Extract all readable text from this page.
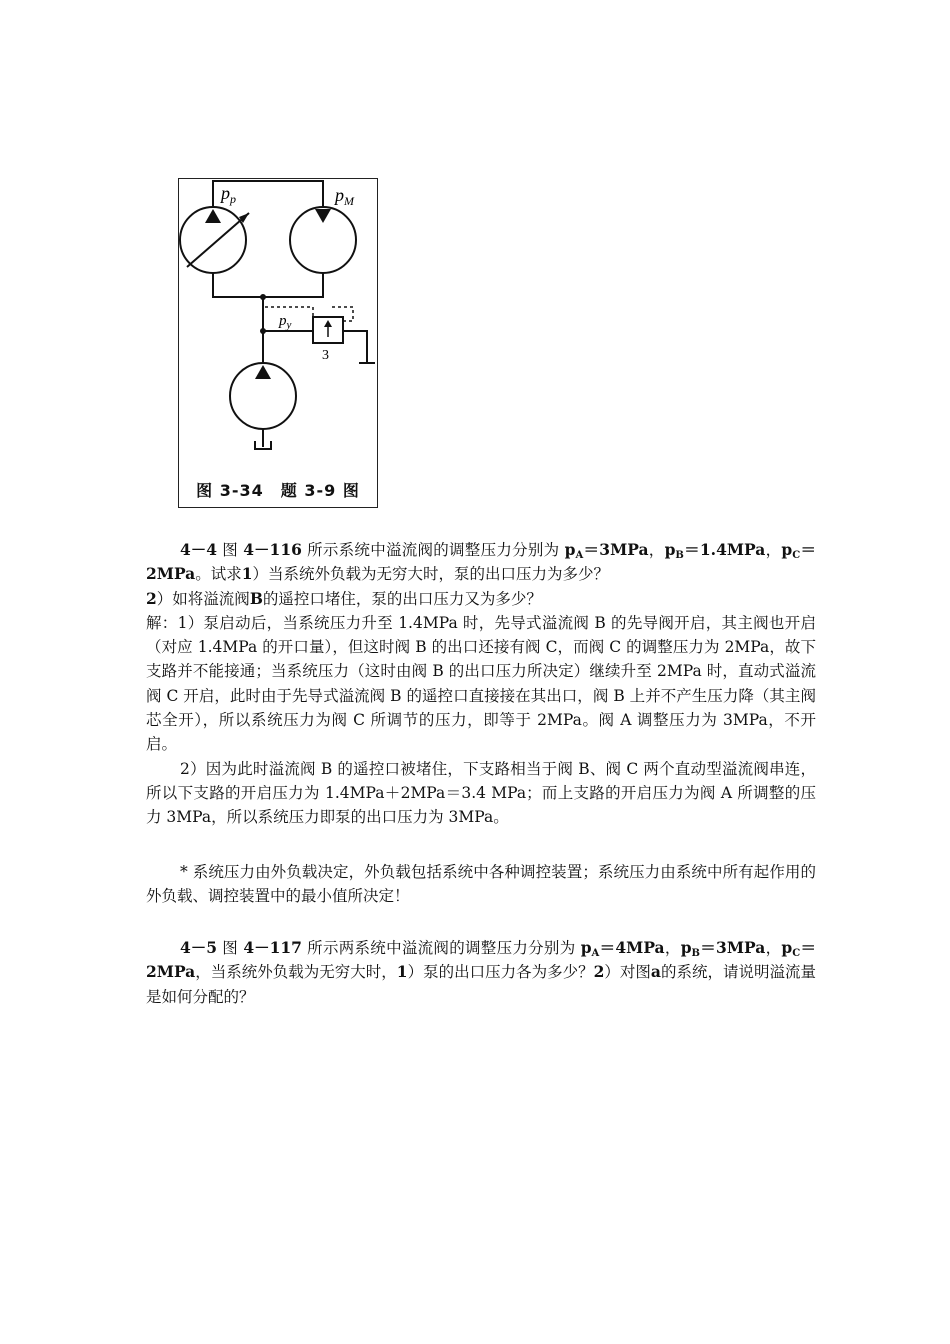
$p_p$	$p_M$
$p_y$
3
图 3-34　题 3-9 图

4－4 图 4－116 所示系统中溢流阀的调整压力分别为 $p_A=3MPa$，$p_B=1.4MPa$，$p_C=2MPa$。试求1）当系统外负载为无穷大时，泵的出口压力为多少？
2）如将溢流阀B的遥控口堵住，泵的出口压力又为多少？

解：1）泵启动后，当系统压力升至 1.4MPa 时，先导式溢流阀 B 的先导阀开启，其主阀也开启（对应 1.4MPa 的开口量），但这时阀 B 的出口还接有阀 C，而阀 C 的调整压力为 2MPa，故下支路并不能接通；当系统压力（这时由阀 B 的出口压力所决定）继续升至 2MPa 时，直动式溢流阀 C 开启，此时由于先导式溢流阀 B 的遥控口直接接在其出口，阀 B 上并不产生压力降（其主阀芯全开），所以系统压力为阀 C 所调节的压力，即等于 2MPa。阀 A 调整压力为 3MPa，不开启。

2）因为此时溢流阀 B 的遥控口被堵住，下支路相当于阀 B、阀 C 两个直动型溢流阀串连，所以下支路的开启压力为 1.4MPa＋2MPa＝3.4 MPa；而上支路的开启压力为阀 A 所调整的压力 3MPa，所以系统压力即泵的出口压力为 3MPa。

* 系统压力由外负载决定，外负载包括系统中各种调控装置；系统压力由系统中所有起作用的外负载、调控装置中的最小值所决定！

4－5 图 4－117 所示两系统中溢流阀的调整压力分别为 $p_A=4MPa$，$p_B=3MPa$，$p_C=2MPa$，当系统外负载为无穷大时，1）泵的出口压力各为多少？2）对图a的系统，请说明溢流量是如何分配的？
